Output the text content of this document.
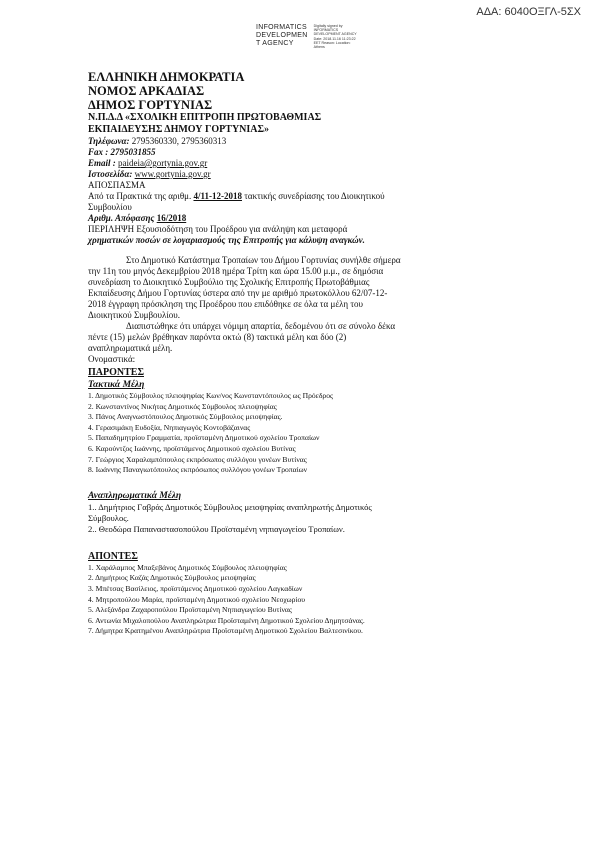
ΑΔΑ: 6040ΟΞΓΛ-5ΣΧ
INFORMATICS
DEVELOPMEN
T AGENCY
Digitally signed by INFORMATICS DEVELOPMENT AGENCY Date: 2018.11.16 11:23:22 EET Reason: Location: Athens
ΕΛΛΗΝΙΚΗ ΔΗΜΟΚΡΑΤΙΑ
ΝΟΜΟΣ ΑΡΚΑΔΙΑΣ
ΔΗΜΟΣ ΓΟΡΤΥΝΙΑΣ
Ν.Π.Δ.Δ «ΣΧΟΛΙΚΗ ΕΠΙΤΡΟΠΗ ΠΡΩΤΟΒΑΘΜΙΑΣ
ΕΚΠΑΙΔΕΥΣΗΣ ΔΗΜΟΥ ΓΟΡΤΥΝΙΑΣ»
Τηλέφωνα: 2795360330, 2795360313
Fax : 2795031855
Email : paideia@gortynia.gov.gr
Ιστοσελίδα: www.gortynia.gov.gr
ΑΠΟΣΠΑΣΜΑ
Από τα Πρακτικά της αριθμ. 4/11-12-2018 τακτικής συνεδρίασης του Διοικητικού
Συμβουλίου
Αριθμ. Απόφασης 16/2018
ΠΕΡΙΛΗΨΗ Εξουσιοδότηση του Προέδρου για ανάληψη και μεταφορά
χρηματικών ποσών σε λογαριασμούς της Επιτροπής για κάλυψη αναγκών.
Στο Δημοτικό Κατάστημα Τροπαίων του Δήμου Γορτυνίας συνήλθε σήμερα
την 11η του μηνός Δεκεμβρίου 2018 ημέρα Τρίτη και ώρα 15.00 μ.μ., σε δημόσια
συνεδρίαση το Διοικητικό Συμβούλιο της Σχολικής Επιτροπής Πρωτοβάθμιας
Εκπαίδευσης Δήμου Γορτυνίας ύστερα από την με αριθμό πρωτοκόλλου 62/07-12-
2018 έγγραφη πρόσκληση της Προέδρου που επιδόθηκε σε όλα τα μέλη του
Διοικητικού Συμβουλίου.
Διαπιστώθηκε ότι υπάρχει νόμιμη απαρτία, δεδομένου ότι σε σύνολο δέκα
πέντε (15) μελών βρέθηκαν παρόντα οκτώ (8) τακτικά μέλη και δύο (2)
αναπληρωματικά μέλη.
Ονομαστικά:
ΠΑΡΟΝΤΕΣ
Τακτικά Μέλη
1. Δημοτικός Σύμβουλος πλειοψηφίας Κων/νος Κωνσταντόπουλος ως Πρόεδρος
2. Κωνσταντίνος Νικήτας Δημοτικός Σύμβουλος πλειοψηφίας
3. Πάνος Αναγνωστόπουλος Δημοτικός Σύμβουλος μειοψηφίας.
4. Γερασιμάκη Ευδοξία, Νηπιαγωγός Κοντοβάζαινας
5. Παπαδημητρίου Γραμματία, προϊσταμένη Δημοτικού σχολείου Τροπαίων
6. Καρούντζος Ιωάννης, προϊστάμενος Δημοτικού σχολείου Βυτίνας
7. Γεώργιος Χαραλαμπόπουλος εκπρόσωπος συλλόγου γονέων Βυτίνας
8. Ιωάννης Παναγιωτόπουλος εκπρόσωπος συλλόγου γονέων Τροπαίων
Αναπληρωματικά Μέλη
1.. Δημήτριος Γαβράς Δημοτικός Σύμβουλος μειοψηφίας αναπληρωτής Δημοτικός
Σύμβουλος.
2.. Θεοδώρα Παπαναστασοπούλου Προϊσταμένη νηπιαγωγείου Τροπαίων.
ΑΠΟΝΤΕΣ
1. Χαράλαμπος Μπαξεβάνος Δημοτικός Σύμβουλος πλειοψηφίας
2. Δημήτριος Καζάς Δημοτικός Σύμβουλος μειοψηφίας
3. Μπέτσας Βασίλειος, προϊστάμενος Δημοτικού σχολείου Λαγκαδίων
4. Μητροπούλου Μαρία, προϊσταμένη Δημοτικού σχολείου Νεοχωρίου
5. Αλεξάνδρα Ζαχαροπούλου Προϊσταμένη Νηπιαγωγείου Βυτίνας
6. Αντωνία Μιχαλοπούλου Αναπληρώτρια Προϊσταμένη Δημοτικού Σχολείου Δημητσάνας.
7. Δήμητρα Κρατημένου Αναπληρώτρια Προϊσταμένη Δημοτικού Σχολείου Βαλτεσινίκου.
